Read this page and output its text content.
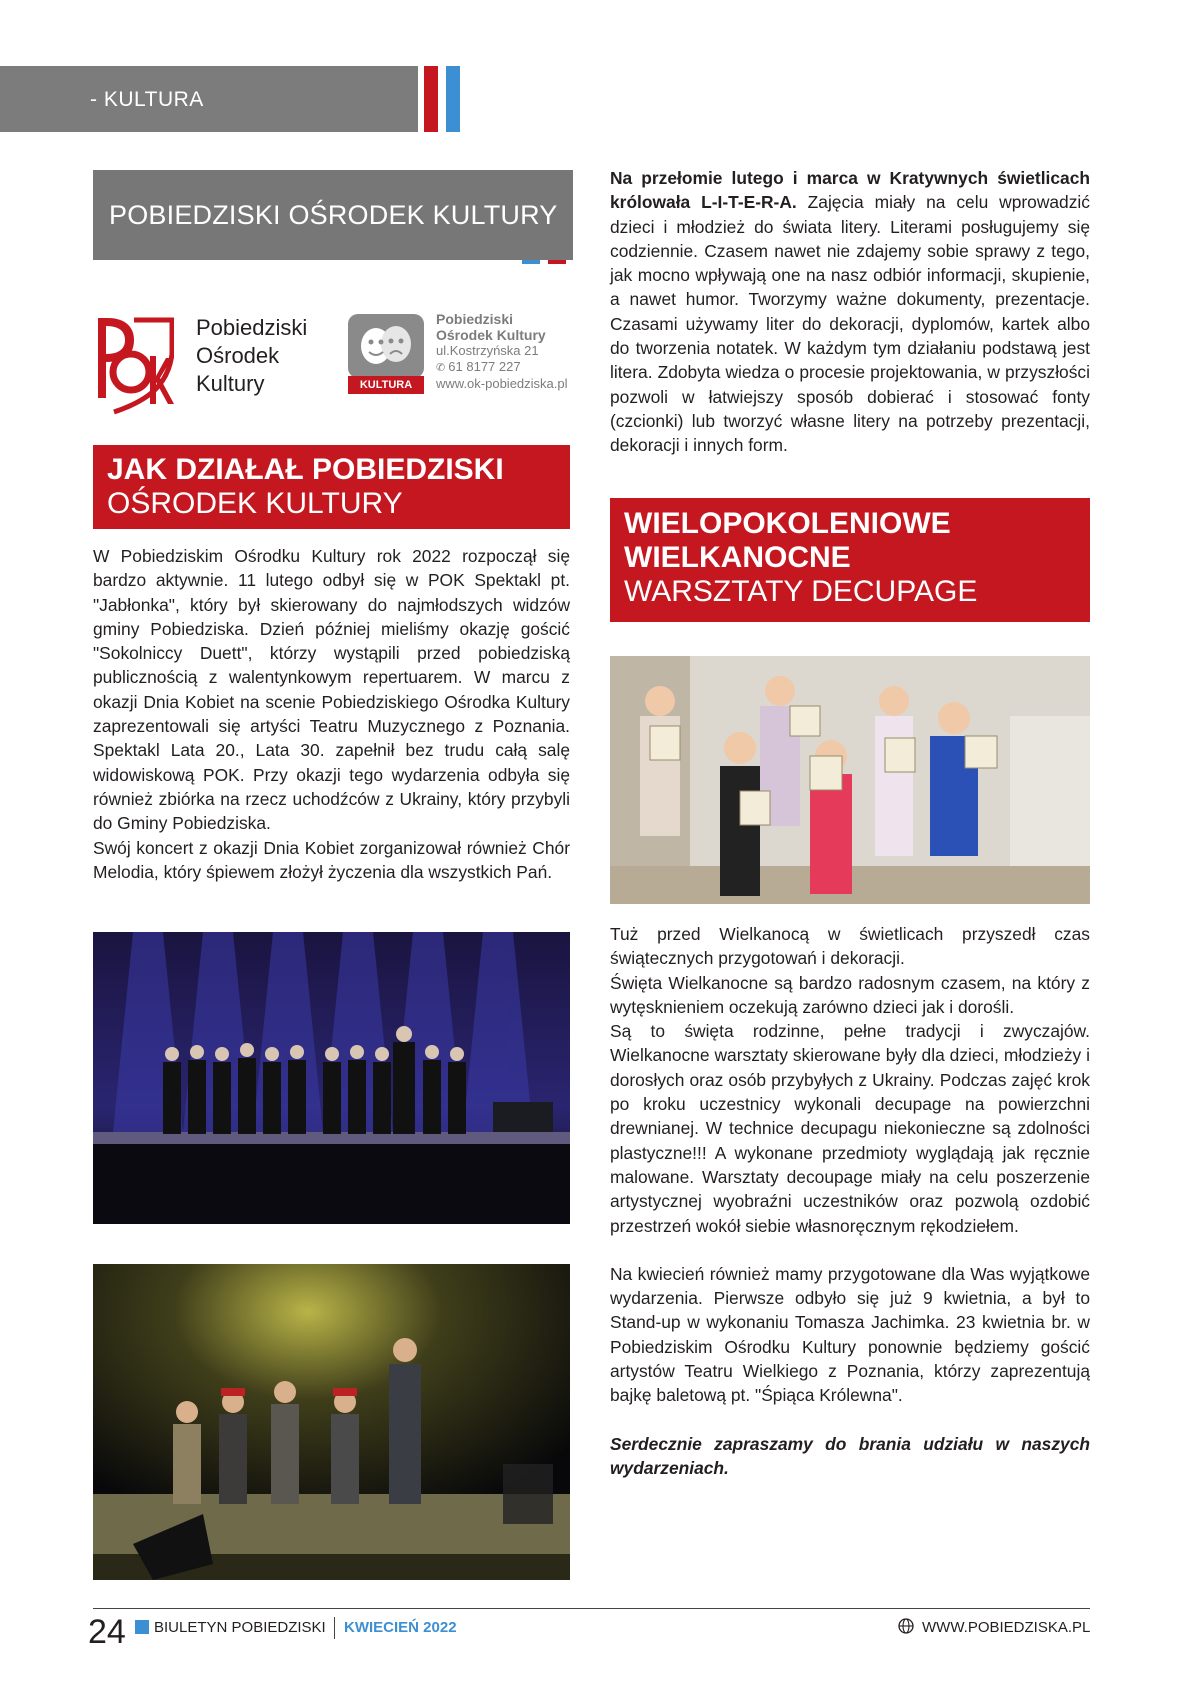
- KULTURA
POBIEDZISKI OŚRODEK KULTURY
Pobiedziski
Ośrodek
Kultury	KULTURA
Pobiedziski
Ośrodek Kultury
ul.Kostrzyńska 21
✆ 61 8177 227
www.ok-pobiedziska.pl
JAK DZIAŁAŁ POBIEDZISKI
OŚRODEK KULTURY

W Pobiedziskim Ośrodku Kultury rok 2022 rozpoczął się bardzo aktywnie. 11 lutego odbył się w POK Spektakl pt. "Jabłonka", który był skierowany do najmłodszych widzów gminy Pobiedziska. Dzień później mieliśmy okazję gościć "Sokolniccy Duett", którzy wystąpili przed pobiedziską publicznością z walentynkowym repertuarem. W marcu z okazji Dnia Kobiet na scenie Pobiedziskiego Ośrodka Kultury zaprezentowali się artyści Teatru Muzycznego z Poznania. Spektakl Lata 20., Lata 30. zapełnił bez trudu całą salę widowiskową POK. Przy okazji tego wydarzenia odbyła się również zbiórka na rzecz uchodźców z Ukrainy, który przybyli do Gminy Pobiedziska.

Swój koncert z okazji Dnia Kobiet zorganizował również Chór Melodia, który śpiewem złożył życzenia dla wszystkich Pań.

Na przełomie lutego i marca w Kratywnych świetlicach królowała L-I-T-E-R-A. Zajęcia miały na celu wprowadzić dzieci i młodzież do świata litery. Literami posługujemy się codziennie. Czasem nawet nie zdajemy sobie sprawy z tego, jak mocno wpływają one na nasz odbiór informacji, skupienie, a nawet humor. Tworzymy ważne dokumenty, prezentacje. Czasami używamy liter do dekoracji, dyplomów, kartek albo do tworzenia notatek. W każdym tym działaniu podstawą jest litera. Zdobyta wiedza o procesie projektowania, w przyszłości pozwoli w łatwiejszy sposób dobierać i stosować fonty (czcionki) lub tworzyć własne litery na potrzeby prezentacji, dekoracji i innych form.

WIELOPOKOLENIOWE
WIELKANOCNE
WARSZTATY DECUPAGE

Tuż przed Wielkanocą w świetlicach przyszedł czas świątecznych przygotowań i dekoracji.

Święta Wielkanocne są bardzo radosnym czasem, na który z wytęsknieniem oczekują zarówno dzieci jak i dorośli.

Są to święta rodzinne, pełne tradycji i zwyczajów. Wielkanocne warsztaty skierowane były dla dzieci, młodzieży i dorosłych oraz osób przybyłych z Ukrainy. Podczas zajęć krok po kroku uczestnicy wykonali decupage na powierzchni drewnianej. W technice decupagu niekonieczne są zdolności plastyczne!!! A wykonane przedmioty wyglądają jak ręcznie malowane. Warsztaty decoupage miały na celu poszerzenie artystycznej wyobraźni uczestników oraz pozwolą ozdobić przestrzeń wokół siebie własnoręcznym rękodziełem.

Na kwiecień również mamy przygotowane dla Was wyjątkowe wydarzenia. Pierwsze odbyło się już 9 kwietnia, a był to Stand-up w wykonaniu Tomasza Jachimka. 23 kwietnia br. w Pobiedziskim Ośrodku Kultury ponownie będziemy gościć artystów Teatru Wielkiego z Poznania, którzy zaprezentują bajkę baletową pt. "Śpiąca Królewna".

Serdecznie zapraszamy do brania udziału w naszych wydarzeniach.

24 BIULETYN POBIEDZISKI KWIECIEŃ 2022	WWW.POBIEDZISKA.PL
